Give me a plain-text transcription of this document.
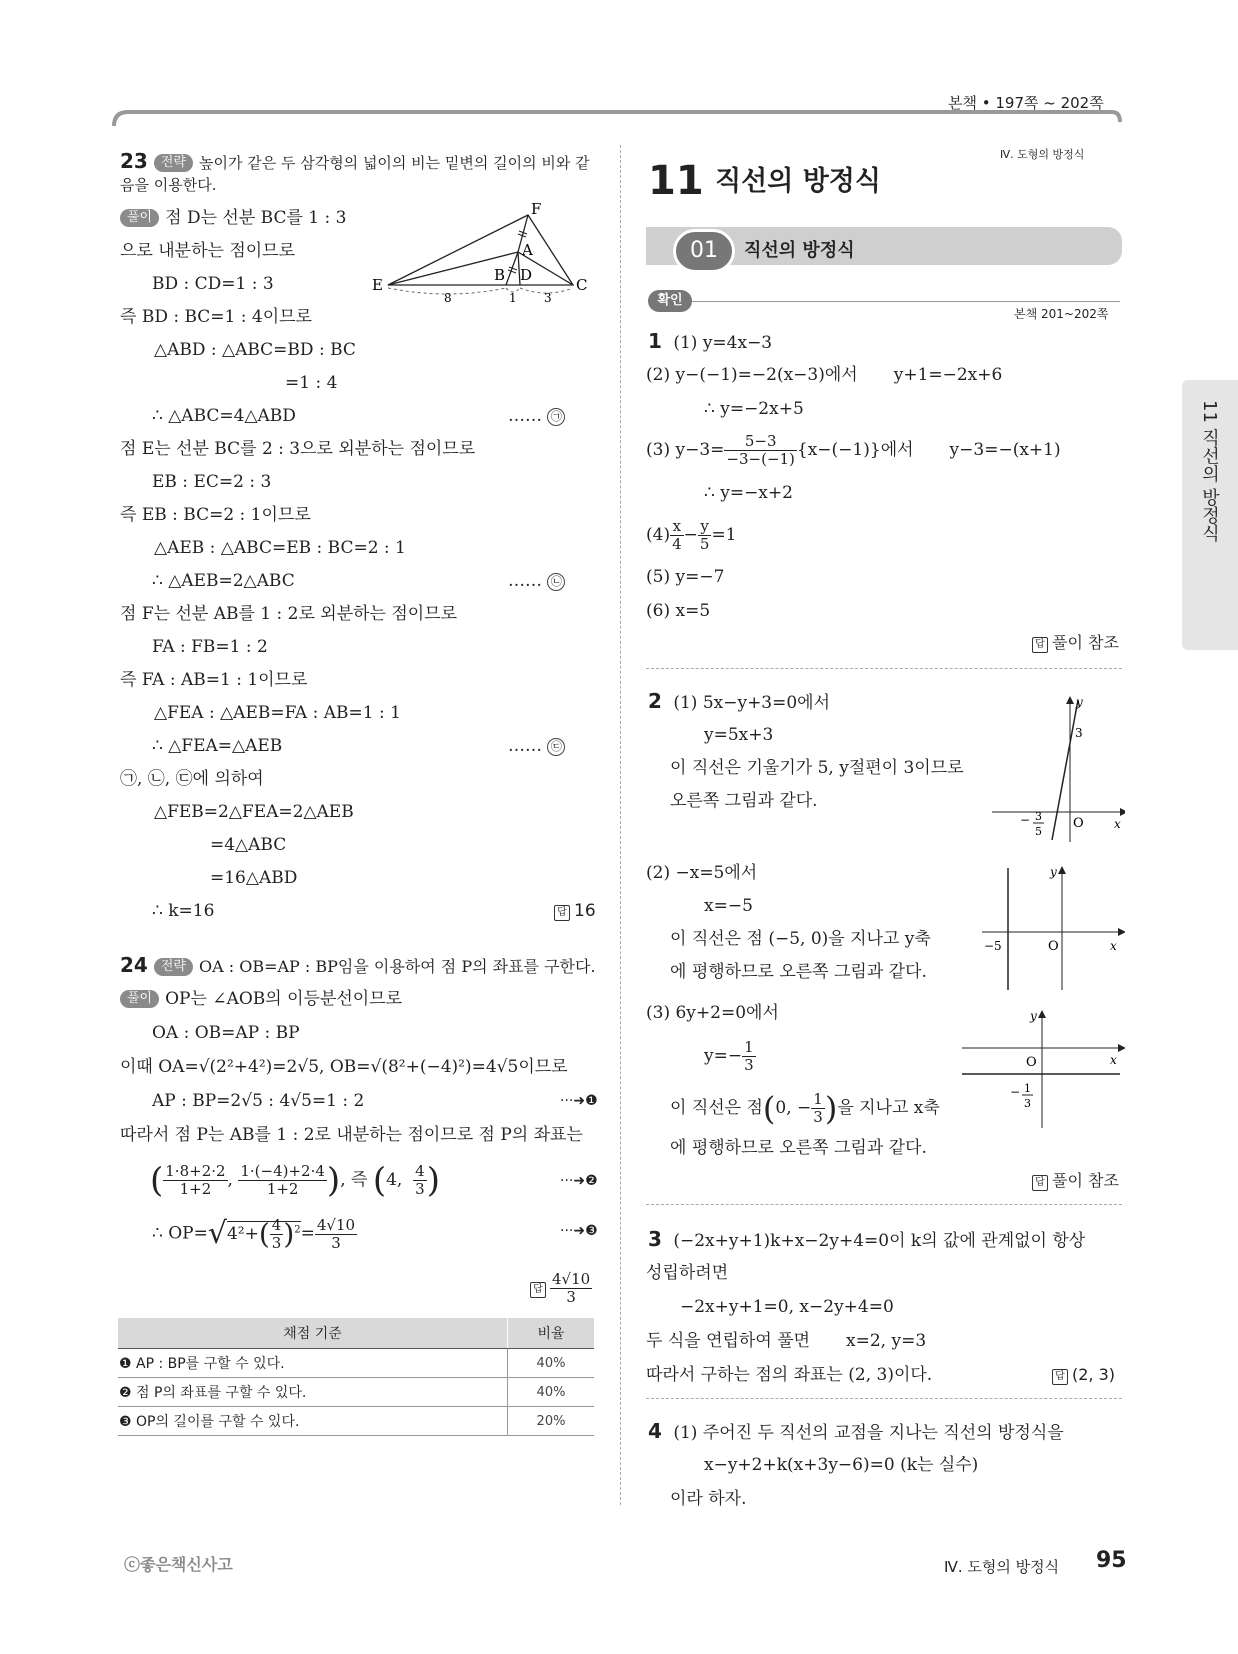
본책 • 197쪽 ~ 202쪽
Ⅳ. 도형의 방정식
11 직선의 방정식
23 전략 높이가 같은 두 삼각형의 넓이의 비는 밑변의 길이의 비와 같
음을 이용한다.
풀이 점 D는 선분 BC를 1 : 3
으로 내분하는 점이므로
E
B D
C
A
F
8	1 3
BD : CD=1 : 3
즉 BD : BC=1 : 4이므로
△ABD : △ABC=BD : BC
=1 : 4
∴ △ABC=4△ABD	…… ㉠
점 E는 선분 BC를 2 : 3으로 외분하는 점이므로
EB : EC=2 : 3
즉 EB : BC=2 : 1이므로
△AEB : △ABC=EB : BC=2 : 1
∴ △AEB=2△ABC	…… ㉡
점 F는 선분 AB를 1 : 2로 외분하는 점이므로
FA : FB=1 : 2
즉 FA : AB=1 : 1이므로
△FEA : △AEB=FA : AB=1 : 1
∴ △FEA=△AEB	…… ㉢
㉠, ㉡, ㉢에 의하여
△FEB=2△FEA=2△AEB
=4△ABC
=16△ABD
∴ k=16	답 16
24 전략 OA : OB=AP : BP임을 이용하여 점 P의 좌표를 구한다.
풀이 OP는 ∠AOB의 이등분선이므로
OA : OB=AP : BP
이때 OA=√(2²+4²)=2√5, OB=√(8²+(−4)²)=4√5이므로
AP : BP=2√5 : 4√5=1 : 2	···➜❶
따라서 점 P는 AB를 1 : 2로 내분하는 점이므로 점 P의 좌표는
( $\frac{1\cdot 8+2\cdot 2}{1+2}$ , $\frac{1\cdot(-4)+2\cdot 4}{1+2}$ ), 즉 (4, $\frac{4}{3}$ )	···➜❷
∴ $OP=√4^2+( \frac{4}{3} )^2= \frac{4√10}{3}$	···➜❸
답 $\frac{4√10}{3}$
채점 기준	비율
❶ AP : BP를 구할 수 있다.	40%
❷ 점 P의 좌표를 구할 수 있다.	40%
❸ OP의 길이를 구할 수 있다.	20%
11 직선의 방정식
01	직선의 방정식
확인
본책 201~202쪽
1 (1) y=4x−3
(2) y−(−1)=−2(x−3)에서 y+1=−2x+6
∴ y=−2x+5
(3) $y-3= \frac{5-3}{-3-(-1)} \{x-(-1)\}$에서 y−3=−(x+1)
∴ y=−x+2
$(4) \frac{x}{4} - \frac{y}{5} =1$
(5) y=−7
(6) x=5
답 풀이 참조
2 (1) 5x−y+3=0에서
y=5x+3
이 직선은 기울기가 5, y절편이 3이므로
오른쪽 그림과 같다.
y
x
O
3
− 3
5
(2) −x=5에서
x=−5
이 직선은 점 (−5, 0)을 지나고 y축
에 평행하므로 오른쪽 그림과 같다.
y
x
O
−5
(3) 6y+2=0에서
$y=- \frac{1}{3}$
이 직선은 점(0, − $\frac{1}{3}$ )을 지나고 x축
에 평행하므로 오른쪽 그림과 같다.
y
x
O
− 1
3
답 풀이 참조
3 (−2x+y+1)k+x−2y+4=0이 k의 값에 관계없이 항상
성립하려면
−2x+y+1=0, x−2y+4=0
두 식을 연립하여 풀면 x=2, y=3
따라서 구하는 점의 좌표는 (2, 3)이다.	답 (2, 3)
4 (1) 주어진 두 직선의 교점을 지나는 직선의 방정식을
x−y+2+k(x+3y−6)=0 (k는 실수)
이라 하자.
ⓒ좋은책신사고	Ⅳ. 도형의 방정식 95
